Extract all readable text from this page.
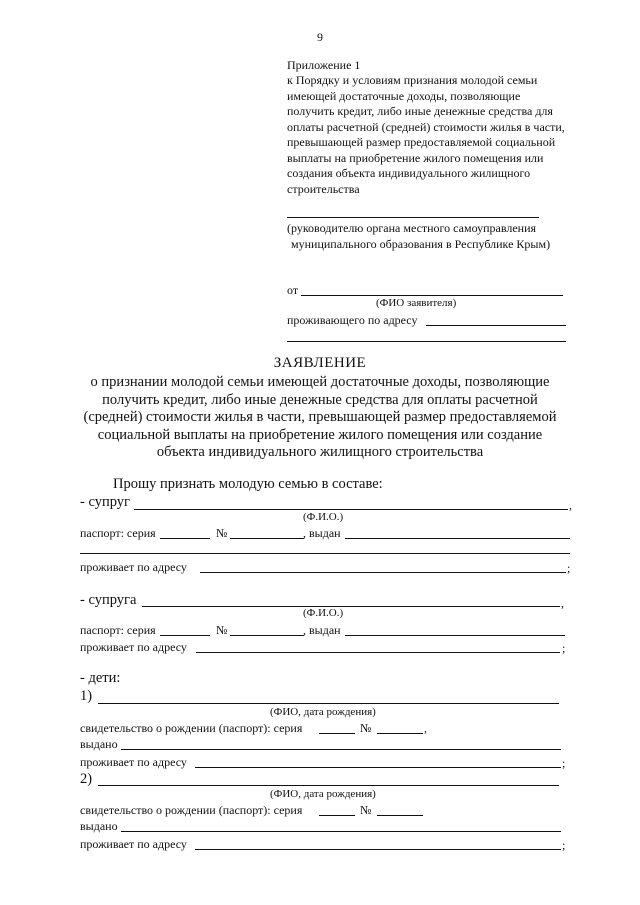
9
Приложение 1
к Порядку и условиям признания молодой семьи
имеющей достаточные доходы, позволяющие
получить кредит, либо иные денежные средства для
оплаты расчетной (средней) стоимости жилья в части,
превышающей размер предоставляемой социальной
выплаты на приобретение жилого помещения или
создания объекта индивидуального жилищного
строительства
(руководителю органа местного самоуправления
муниципального образования в Республике Крым)
от
(ФИО заявителя)
проживающего по адресу
ЗАЯВЛЕНИЕ
о признании молодой семьи имеющей достаточные доходы, позволяющие
получить кредит, либо иные денежные средства для оплаты расчетной
(средней) стоимости жилья в части, превышающей размер предоставляемой
социальной выплаты на приобретение жилого помещения или создание
объекта индивидуального жилищного строительства
Прошу признать молодую семью в составе:
- супруг	,
(Ф.И.О.)
паспорт: серия	№	, выдан
проживает по адресу	;
- супруга	,
(Ф.И.О.)
паспорт: серия	№	, выдан
проживает по адресу	;
- дети:
1)
(ФИО, дата рождения)
свидетельство о рождении (паспорт): серия	№	,
выдано
проживает по адресу	;
2)
(ФИО, дата рождения)
свидетельство о рождении (паспорт): серия	№
выдано
проживает по адресу	;
